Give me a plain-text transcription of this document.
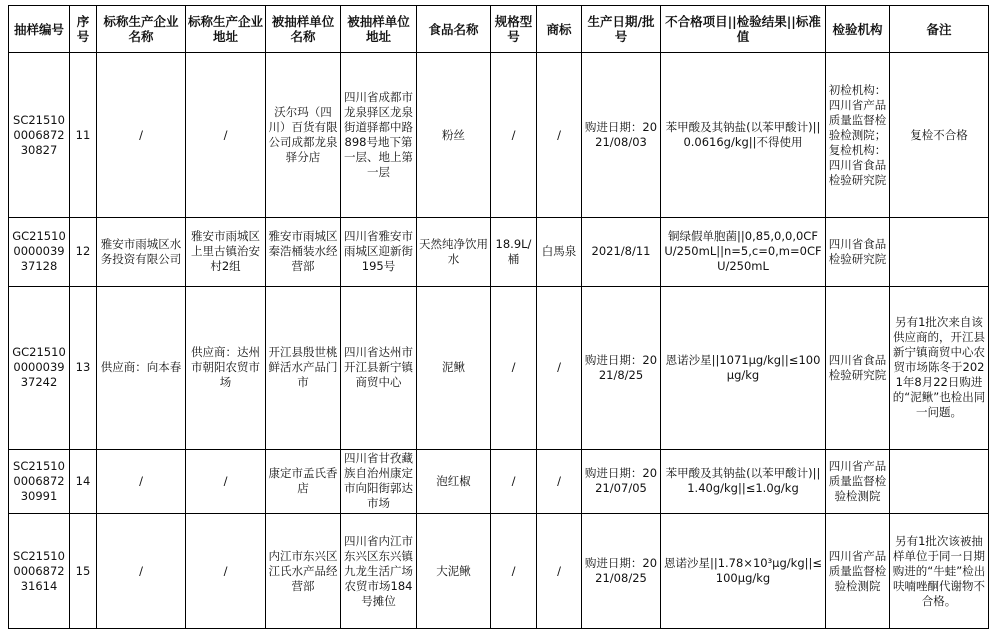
抽样编号	序号	标称生产企业名称	标称生产企业地址	被抽样单位名称	被抽样单位地址	食品名称	规格型号	商标	生产日期/批号	不合格项目||检验结果||标准值	检验机构	备注
SC21510000687230827	11	/	/	沃尔玛（四川）百货有限公司成都龙泉驿分店	四川省成都市龙泉驿区龙泉街道驿都中路898号地下第一层、地上第一层	粉丝	/	/	购进日期：2021/08/03	苯甲酸及其钠盐(以苯甲酸计)||0.0616g/kg||不得使用	初检机构：四川省产品质量监督检验检测院；复检机构：四川省食品检验研究院	复检不合格
GC21510000003937128	12	雅安市雨城区水务投资有限公司	雅安市雨城区上里古镇治安村2组	雅安市雨城区秦浩桶装水经营部	四川省雅安市雨城区迎新街195号	天然纯净饮用水	18.9L/桶	白馬泉	2021/8/11	铜绿假单胞菌||0,85,0,0,0CFU/250mL||n=5,c=0,m=0CFU/250mL	四川省食品检验研究院	
GC21510000003937242	13	供应商：向本春	供应商：达州市朝阳农贸市场	开江县殷世桃鲜活水产品门市	四川省达州市开江县新宁镇商贸中心	泥鳅	/	/	购进日期：2021/8/25	恩诺沙星||1071μg/kg||≤100μg/kg	四川省食品检验研究院	另有1批次来自该供应商的，开江县新宁镇商贸中心农贸市场陈冬于2021年8月22日购进的“泥鳅”也检出同一问题。
SC21510000687230991	14	/	/	康定市孟氏香店	四川省甘孜藏族自治州康定市向阳街郭达市场	泡红椒	/	/	购进日期：2021/07/05	苯甲酸及其钠盐(以苯甲酸计)||1.40g/kg||≤1.0g/kg	四川省产品质量监督检验检测院	
SC21510000687231614	15	/	/	内江市东兴区江氏水产品经营部	四川省内江市东兴区东兴镇九龙生活广场农贸市场184号摊位	大泥鳅	/	/	购进日期：2021/08/25	恩诺沙星||1.78×10³μg/kg||≤100μg/kg	四川省产品质量监督检验检测院	另有1批次该被抽样单位于同一日期购进的“牛蛙”检出呋喃唑酮代谢物不合格。
